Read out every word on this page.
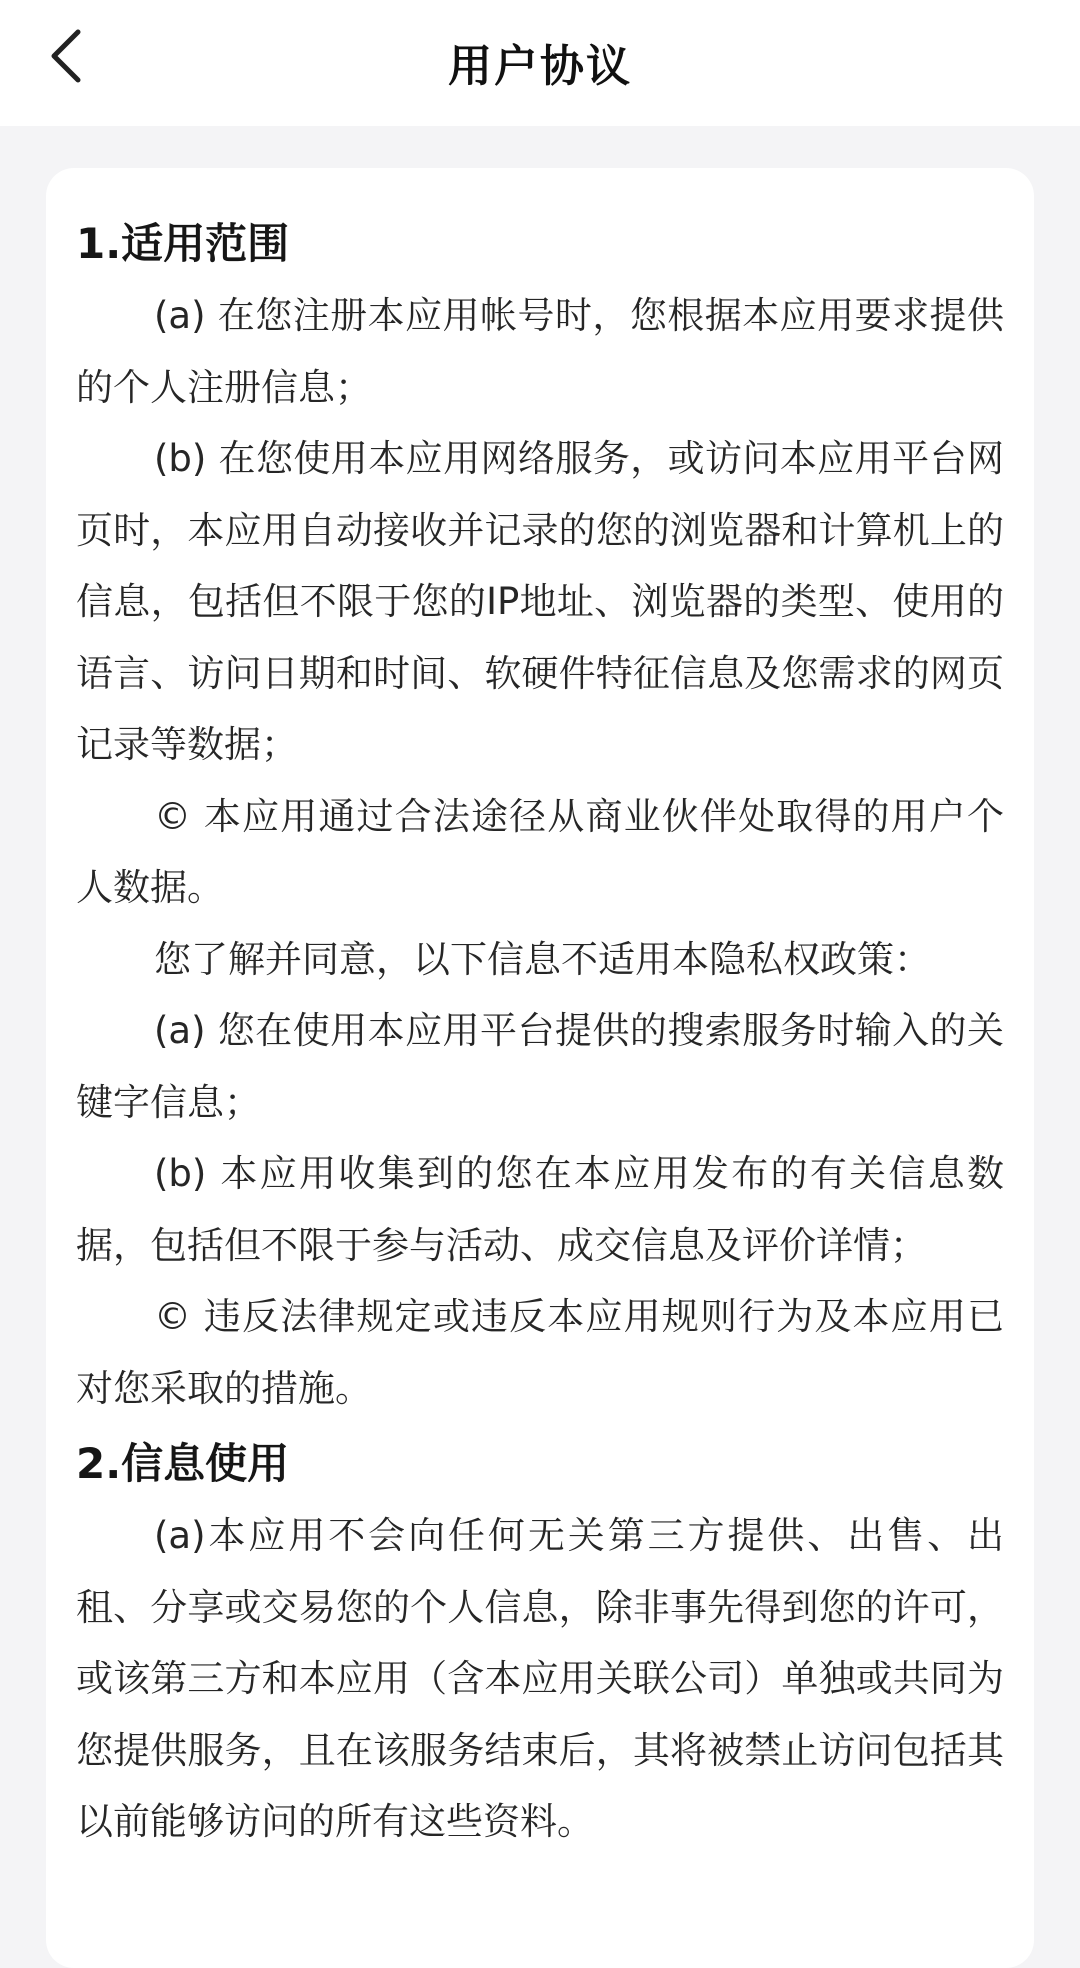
用户协议
1.适用范围

(a) 在您注册本应用帐号时，您根据本应用要求提供的个人注册信息；

(b) 在您使用本应用网络服务，或访问本应用平台网页时，本应用自动接收并记录的您的浏览器和计算机上的信息，包括但不限于您的IP地址、浏览器的类型、使用的语言、访问日期和时间、软硬件特征信息及您需求的网页记录等数据；

© 本应用通过合法途径从商业伙伴处取得的用户个人数据。

您了解并同意，以下信息不适用本隐私权政策：

(a) 您在使用本应用平台提供的搜索服务时输入的关键字信息；

(b) 本应用收集到的您在本应用发布的有关信息数据，包括但不限于参与活动、成交信息及评价详情；

© 违反法律规定或违反本应用规则行为及本应用已对您采取的措施。

2.信息使用

(a)本应用不会向任何无关第三方提供、出售、出租、分享或交易您的个人信息，除非事先得到您的许可，或该第三方和本应用（含本应用关联公司）单独或共同为您提供服务，且在该服务结束后，其将被禁止访问包括其以前能够访问的所有这些资料。
